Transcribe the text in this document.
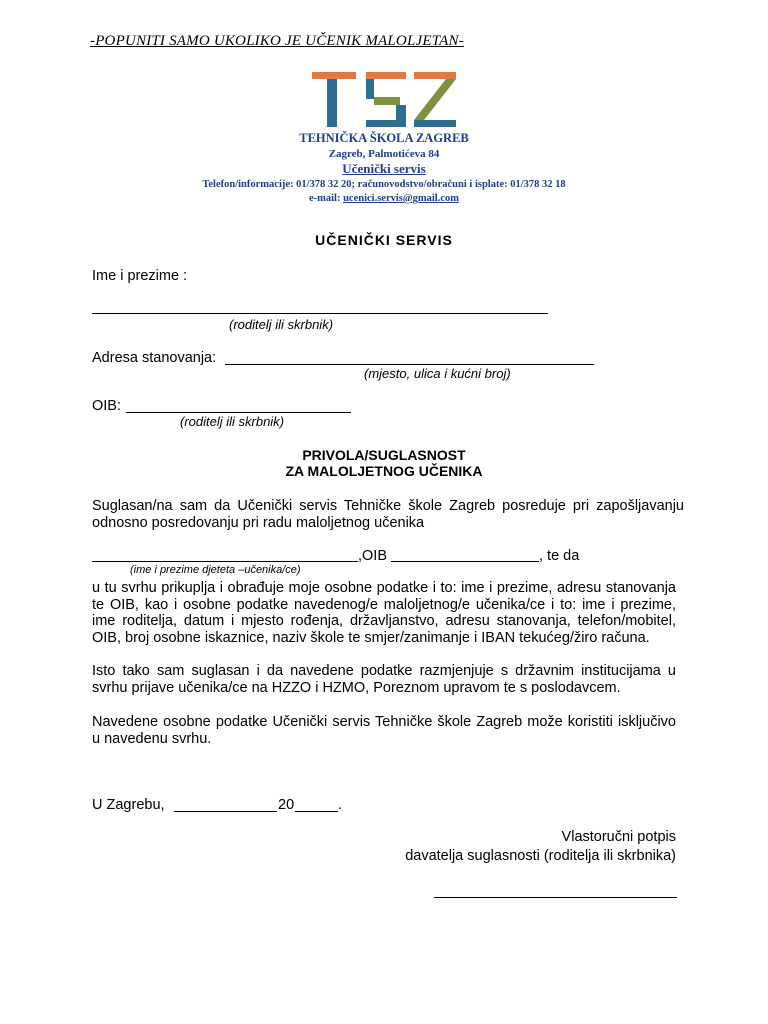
-POPUNITI SAMO UKOLIKO JE UČENIK MALOLJETAN-
TEHNIČKA ŠKOLA ZAGREB
Zagreb, Palmotićeva 84
Učenički servis
Telefon/informacije: 01/378 32 20; računovodstvo/obračuni i isplate: 01/378 32 18
e-mail: ucenici.servis@gmail.com
UČENIČKI SERVIS
Ime i prezime :
(roditelj ili skrbnik)
Adresa stanovanja:
(mjesto, ulica i kućni broj)
OIB:
(roditelj ili skrbnik)
PRIVOLA/SUGLASNOST
ZA MALOLJETNOG UČENIKA
Suglasan/na sam da Učenički servis Tehničke škole Zagreb posreduje pri zapošljavanju odnosno posredovanju pri radu maloljetnog učenika
,OIB	, te da
(ime i prezime djeteta –učenika/ce)
u tu svrhu prikuplja i obrađuje moje osobne podatke i to: ime i prezime, adresu stanovanja te OIB, kao i osobne podatke navedenog/e maloljetnog/e učenika/ce i to: ime i prezime, ime roditelja, datum i mjesto rođenja, državljanstvo, adresu stanovanja, telefon/mobitel, OIB, broj osobne iskaznice, naziv škole te smjer/zanimanje i IBAN tekućeg/žiro računa.
Isto tako sam suglasan i da navedene podatke razmjenjuje s državnim institucijama u svrhu prijave učenika/ce na HZZO i HZMO, Poreznom upravom te s poslodavcem.
Navedene osobne podatke Učenički servis Tehničke škole Zagreb može koristiti isključivo u navedenu svrhu.
U Zagrebu,	20	.
Vlastoručni potpis
davatelja suglasnosti (roditelja ili skrbnika)
